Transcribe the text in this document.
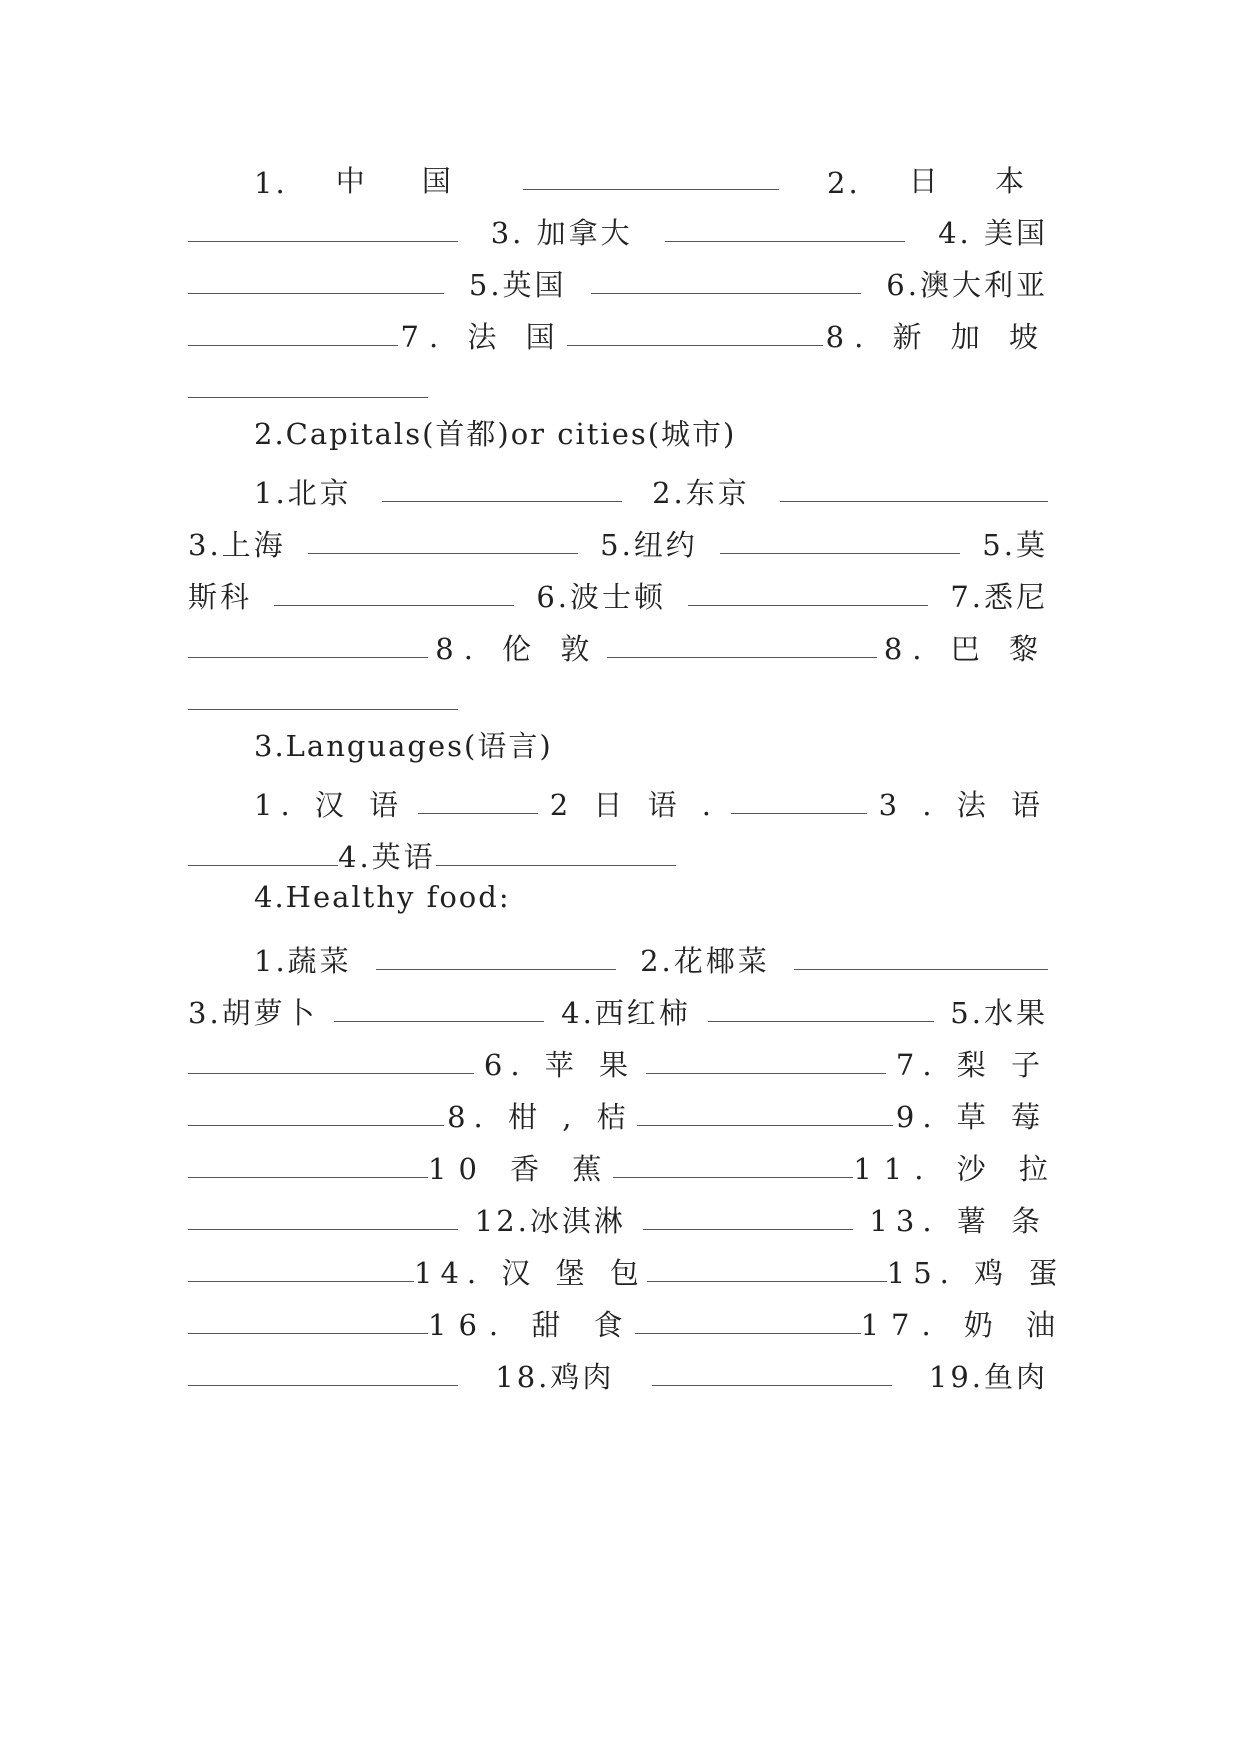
1. 中 国	2. 日 本
3. 加拿大	4. 美国
5.英国	6.澳大利亚
7. 法 国	8. 新 加 坡
2.Capitals(首都)or cities(城市)
1.北京	2.东京
3.上海	5.纽约	5.莫
斯科	6.波士顿	7.悉尼
8. 伦 敦	8. 巴 黎
3.Languages(语言)
1. 汉 语	2 日 语 .	3 . 法 语
4.英语
4.Healthy food:
1.蔬菜	2.花椰菜
3.胡萝卜	4.西红柿	5.水果
6. 苹 果	7. 梨 子
8. 柑 , 桔	9. 草 莓
10 香 蕉	11. 沙 拉
12.冰淇淋	13. 薯 条
14. 汉 堡 包	15. 鸡 蛋
16. 甜 食	17. 奶 油
18.鸡肉	19.鱼肉
